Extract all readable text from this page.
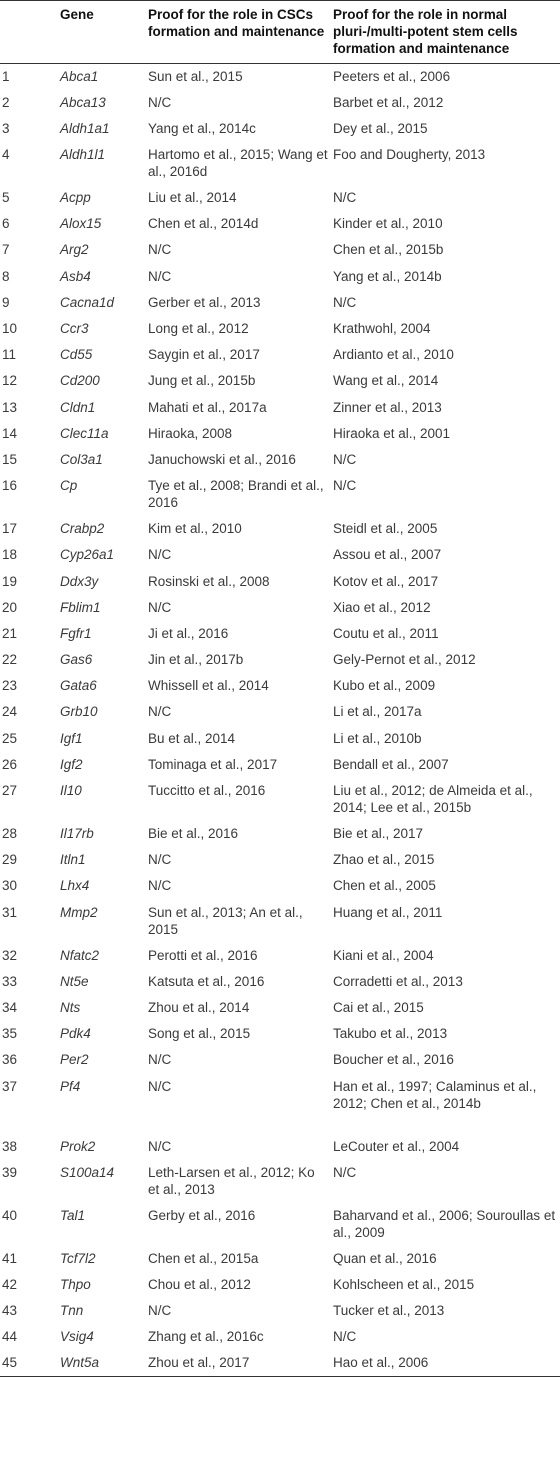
	Gene	Proof for the role in CSCs formation and maintenance	Proof for the role in normal pluri-/multi-potent stem cells formation and maintenance
1	Abca1	Sun et al., 2015	Peeters et al., 2006
2	Abca13	N/C	Barbet et al., 2012
3	Aldh1a1	Yang et al., 2014c	Dey et al., 2015
4	Aldh1l1	Hartomo et al., 2015; Wang et al., 2016d	Foo and Dougherty, 2013
5	Acpp	Liu et al., 2014	N/C
6	Alox15	Chen et al., 2014d	Kinder et al., 2010
7	Arg2	N/C	Chen et al., 2015b
8	Asb4	N/C	Yang et al., 2014b
9	Cacna1d	Gerber et al., 2013	N/C
10	Ccr3	Long et al., 2012	Krathwohl, 2004
11	Cd55	Saygin et al., 2017	Ardianto et al., 2010
12	Cd200	Jung et al., 2015b	Wang et al., 2014
13	Cldn1	Mahati et al., 2017a	Zinner et al., 2013
14	Clec11a	Hiraoka, 2008	Hiraoka et al., 2001
15	Col3a1	Januchowski et al., 2016	N/C
16	Cp	Tye et al., 2008; Brandi et al., 2016	N/C
17	Crabp2	Kim et al., 2010	Steidl et al., 2005
18	Cyp26a1	N/C	Assou et al., 2007
19	Ddx3y	Rosinski et al., 2008	Kotov et al., 2017
20	Fblim1	N/C	Xiao et al., 2012
21	Fgfr1	Ji et al., 2016	Coutu et al., 2011
22	Gas6	Jin et al., 2017b	Gely-Pernot et al., 2012
23	Gata6	Whissell et al., 2014	Kubo et al., 2009
24	Grb10	N/C	Li et al., 2017a
25	Igf1	Bu et al., 2014	Li et al., 2010b
26	Igf2	Tominaga et al., 2017	Bendall et al., 2007
27	Il10	Tuccitto et al., 2016	Liu et al., 2012; de Almeida et al., 2014; Lee et al., 2015b
28	Il17rb	Bie et al., 2016	Bie et al., 2017
29	Itln1	N/C	Zhao et al., 2015
30	Lhx4	N/C	Chen et al., 2005
31	Mmp2	Sun et al., 2013; An et al., 2015	Huang et al., 2011
32	Nfatc2	Perotti et al., 2016	Kiani et al., 2004
33	Nt5e	Katsuta et al., 2016	Corradetti et al., 2013
34	Nts	Zhou et al., 2014	Cai et al., 2015
35	Pdk4	Song et al., 2015	Takubo et al., 2013
36	Per2	N/C	Boucher et al., 2016
37	Pf4	N/C	Han et al., 1997; Calaminus et al., 2012; Chen et al., 2014b
38	Prok2	N/C	LeCouter et al., 2004
39	S100a14	Leth-Larsen et al., 2012; Ko et al., 2013	N/C
40	Tal1	Gerby et al., 2016	Baharvand et al., 2006; Souroullas et al., 2009
41	Tcf7l2	Chen et al., 2015a	Quan et al., 2016
42	Thpo	Chou et al., 2012	Kohlscheen et al., 2015
43	Tnn	N/C	Tucker et al., 2013
44	Vsig4	Zhang et al., 2016c	N/C
45	Wnt5a	Zhou et al., 2017	Hao et al., 2006
